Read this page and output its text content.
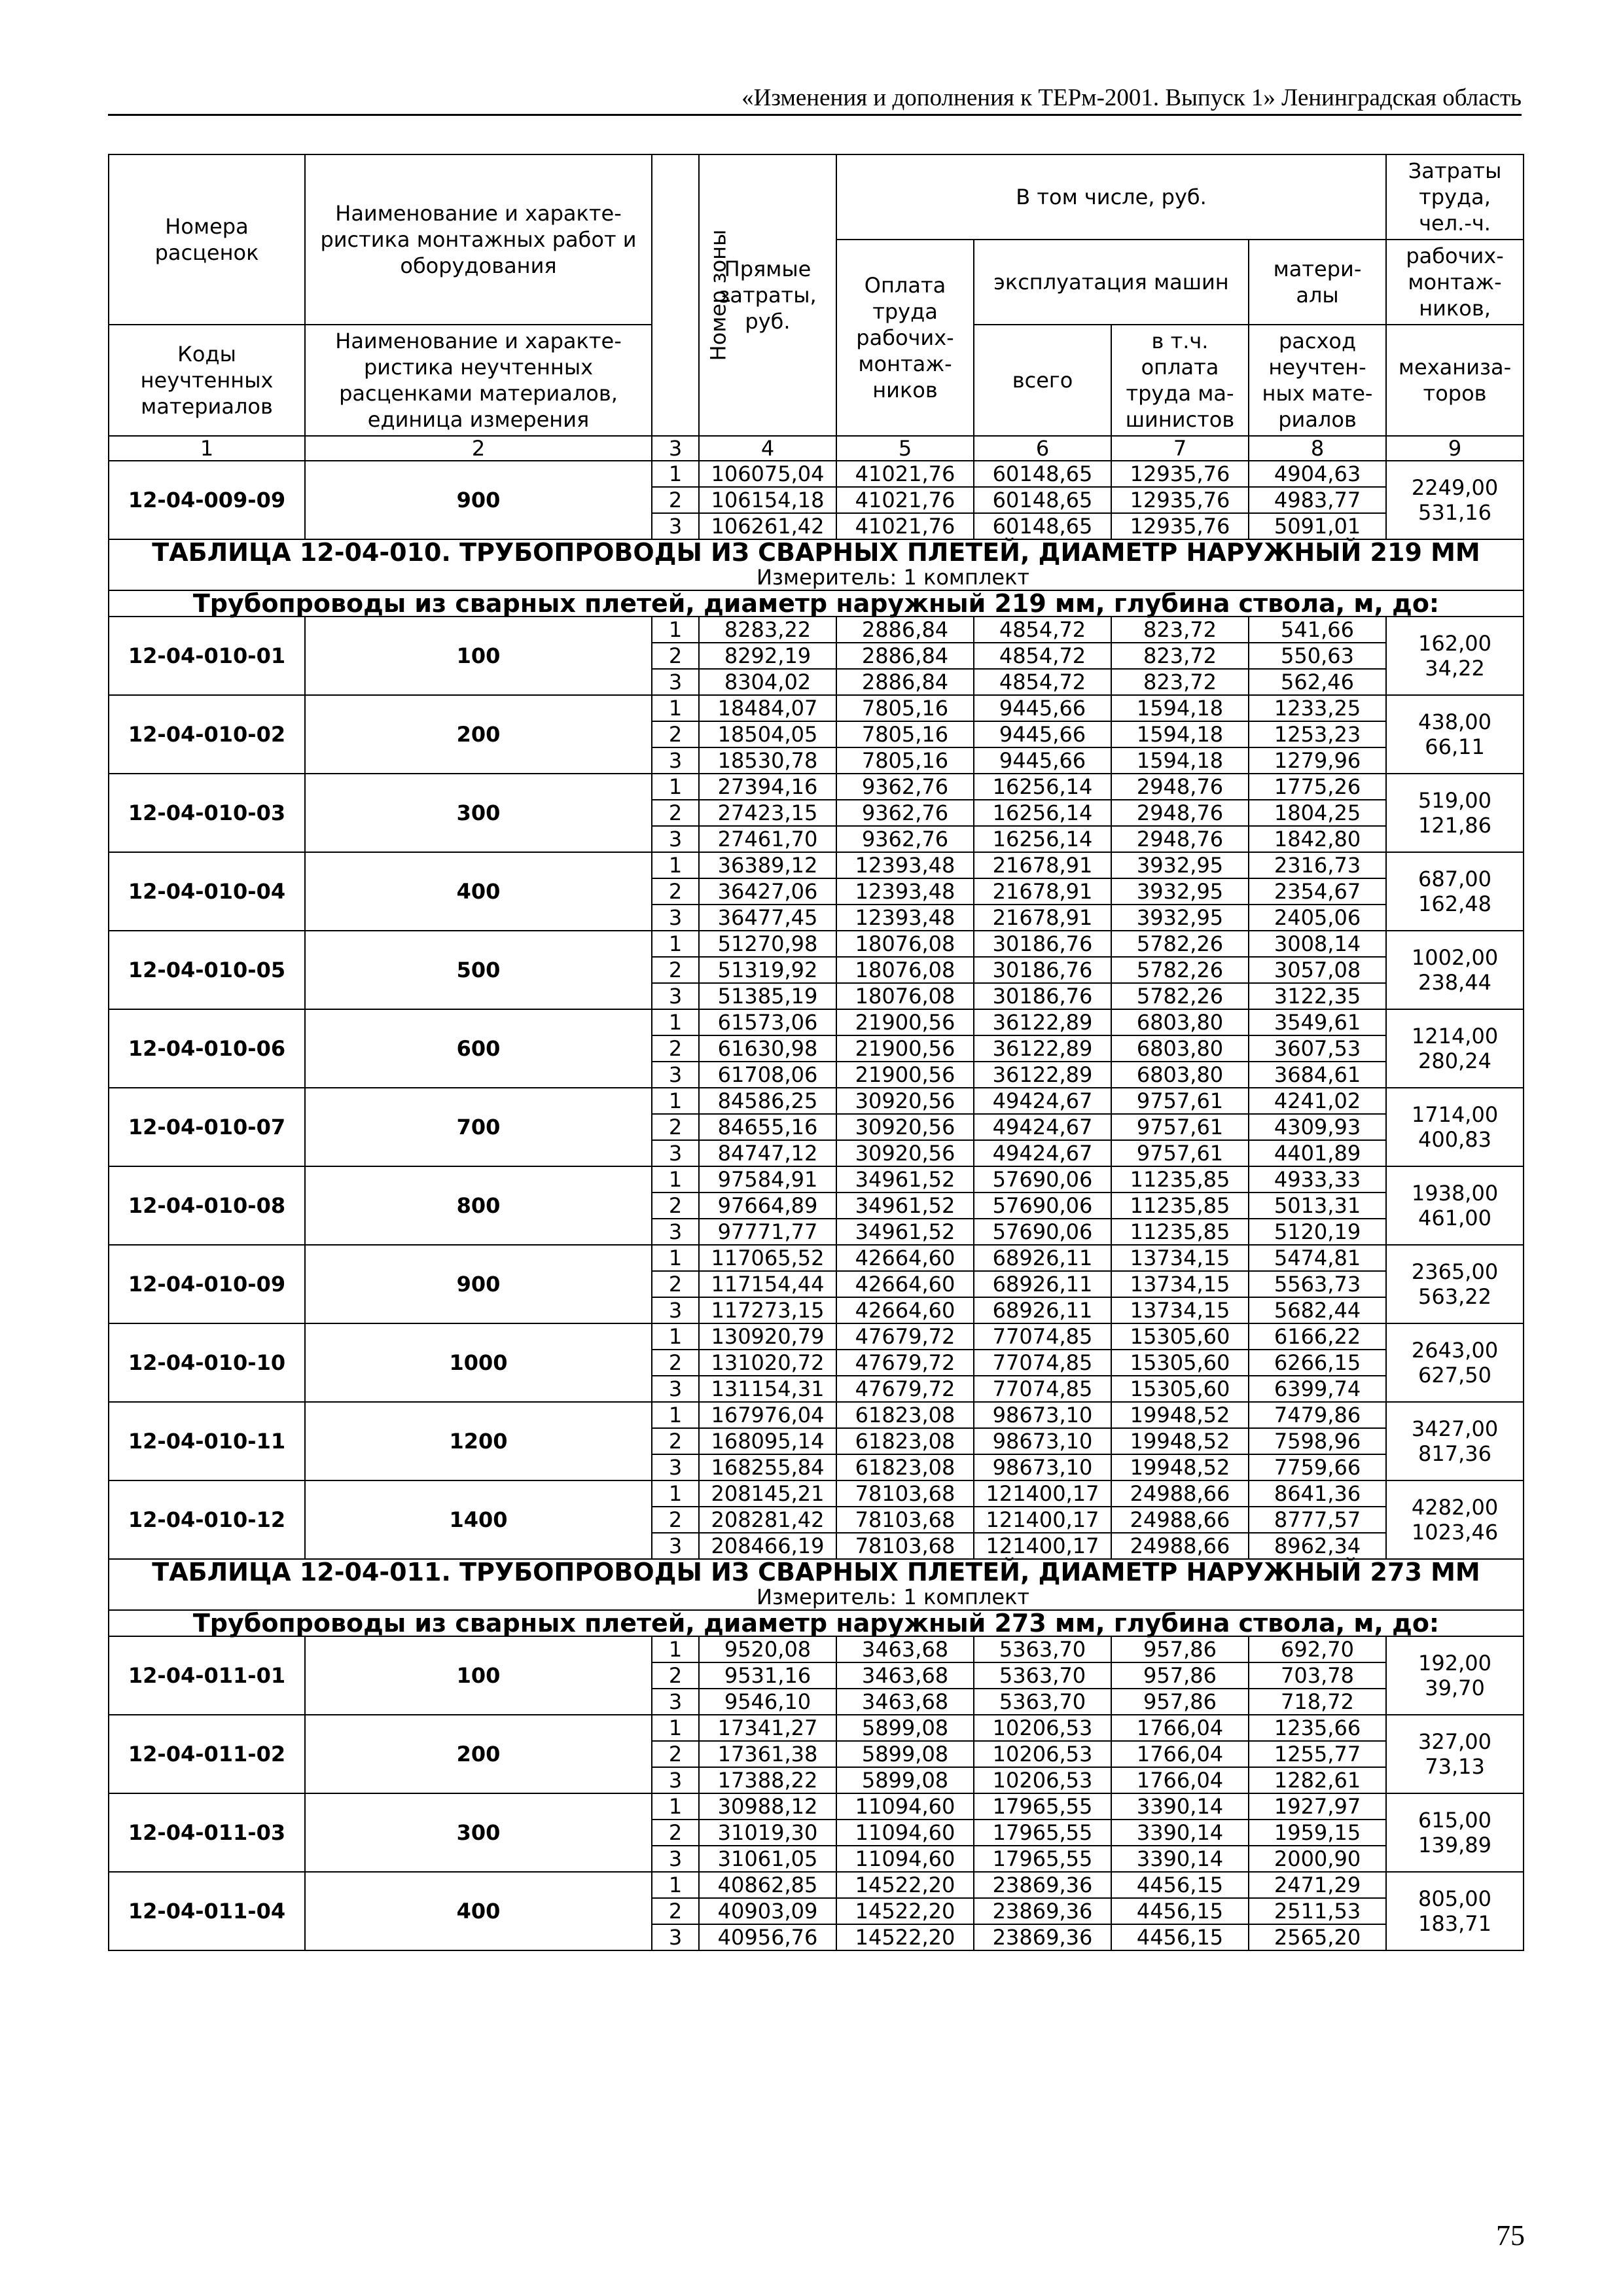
«Изменения и дополнения к ТЕРм-2001. Выпуск 1» Ленинградская область
Номера расценок	Наименование и характе-ристика монтажных работ и оборудования	Номер зоны	Прямые затраты, руб.	В том числе, руб.				Затраты труда, чел.-ч.
				Оплата труда рабочих-монтаж-ников	эксплуатация машин		матери-алы	рабочих-монтаж-ников,
Коды неучтенных материалов	Наименование и характе-ристика неучтенных расценками материалов, единица измерения				всего	в т.ч. оплата труда ма-шинистов	расход неучтен-ных мате-риалов	механиза-торов

1	2	3	4	5	6	7	8	9
12-04-009-09	900	1	106075,04	41021,76	60148,65	12935,76	4904,63	2249,00
531,16

		2	106154,18	41021,76	60148,65	12935,76	4983,77	
		3	106261,42	41021,76	60148,65	12935,76	5091,01	

ТАБЛИЦА 12-04-010. ТРУБОПРОВОДЫ ИЗ СВАРНЫХ ПЛЕТЕЙ, ДИАМЕТР НАРУЖНЫЙ 219 ММ
Измеритель: 1 комплект								

Трубопроводы из сварных плетей, диаметр наружный 219 мм, глубина ствола, м, до:								
12-04-010-01	100	1	8283,22	2886,84	4854,72	823,72	541,66	162,00
34,22

		2	8292,19	2886,84	4854,72	823,72	550,63	
		3	8304,02	2886,84	4854,72	823,72	562,46	
12-04-010-02	200	1	18484,07	7805,16	9445,66	1594,18	1233,25	438,00
66,11

		2	18504,05	7805,16	9445,66	1594,18	1253,23	
		3	18530,78	7805,16	9445,66	1594,18	1279,96	
12-04-010-03	300	1	27394,16	9362,76	16256,14	2948,76	1775,26	519,00
121,86

		2	27423,15	9362,76	16256,14	2948,76	1804,25	
		3	27461,70	9362,76	16256,14	2948,76	1842,80	
12-04-010-04	400	1	36389,12	12393,48	21678,91	3932,95	2316,73	687,00
162,48

		2	36427,06	12393,48	21678,91	3932,95	2354,67	
		3	36477,45	12393,48	21678,91	3932,95	2405,06	
12-04-010-05	500	1	51270,98	18076,08	30186,76	5782,26	3008,14	1002,00
238,44

		2	51319,92	18076,08	30186,76	5782,26	3057,08	
		3	51385,19	18076,08	30186,76	5782,26	3122,35	
12-04-010-06	600	1	61573,06	21900,56	36122,89	6803,80	3549,61	1214,00
280,24

		2	61630,98	21900,56	36122,89	6803,80	3607,53	
		3	61708,06	21900,56	36122,89	6803,80	3684,61	
12-04-010-07	700	1	84586,25	30920,56	49424,67	9757,61	4241,02	1714,00
400,83

		2	84655,16	30920,56	49424,67	9757,61	4309,93	
		3	84747,12	30920,56	49424,67	9757,61	4401,89	
12-04-010-08	800	1	97584,91	34961,52	57690,06	11235,85	4933,33	1938,00
461,00

		2	97664,89	34961,52	57690,06	11235,85	5013,31	
		3	97771,77	34961,52	57690,06	11235,85	5120,19	
12-04-010-09	900	1	117065,52	42664,60	68926,11	13734,15	5474,81	2365,00
563,22

		2	117154,44	42664,60	68926,11	13734,15	5563,73	
		3	117273,15	42664,60	68926,11	13734,15	5682,44	
12-04-010-10	1000	1	130920,79	47679,72	77074,85	15305,60	6166,22	2643,00
627,50

		2	131020,72	47679,72	77074,85	15305,60	6266,15	
		3	131154,31	47679,72	77074,85	15305,60	6399,74	
12-04-010-11	1200	1	167976,04	61823,08	98673,10	19948,52	7479,86	3427,00
817,36

		2	168095,14	61823,08	98673,10	19948,52	7598,96	
		3	168255,84	61823,08	98673,10	19948,52	7759,66	
12-04-010-12	1400	1	208145,21	78103,68	121400,17	24988,66	8641,36	4282,00
1023,46

		2	208281,42	78103,68	121400,17	24988,66	8777,57	
		3	208466,19	78103,68	121400,17	24988,66	8962,34	

ТАБЛИЦА 12-04-011. ТРУБОПРОВОДЫ ИЗ СВАРНЫХ ПЛЕТЕЙ, ДИАМЕТР НАРУЖНЫЙ 273 ММ
Измеритель: 1 комплект								

Трубопроводы из сварных плетей, диаметр наружный 273 мм, глубина ствола, м, до:								
12-04-011-01	100	1	9520,08	3463,68	5363,70	957,86	692,70	192,00
39,70

		2	9531,16	3463,68	5363,70	957,86	703,78	
		3	9546,10	3463,68	5363,70	957,86	718,72	
12-04-011-02	200	1	17341,27	5899,08	10206,53	1766,04	1235,66	327,00
73,13

		2	17361,38	5899,08	10206,53	1766,04	1255,77	
		3	17388,22	5899,08	10206,53	1766,04	1282,61	
12-04-011-03	300	1	30988,12	11094,60	17965,55	3390,14	1927,97	615,00
139,89

		2	31019,30	11094,60	17965,55	3390,14	1959,15	
		3	31061,05	11094,60	17965,55	3390,14	2000,90	
12-04-011-04	400	1	40862,85	14522,20	23869,36	4456,15	2471,29	805,00
183,71

		2	40903,09	14522,20	23869,36	4456,15	2511,53	
		3	40956,76	14522,20	23869,36	4456,15	2565,20	
75
